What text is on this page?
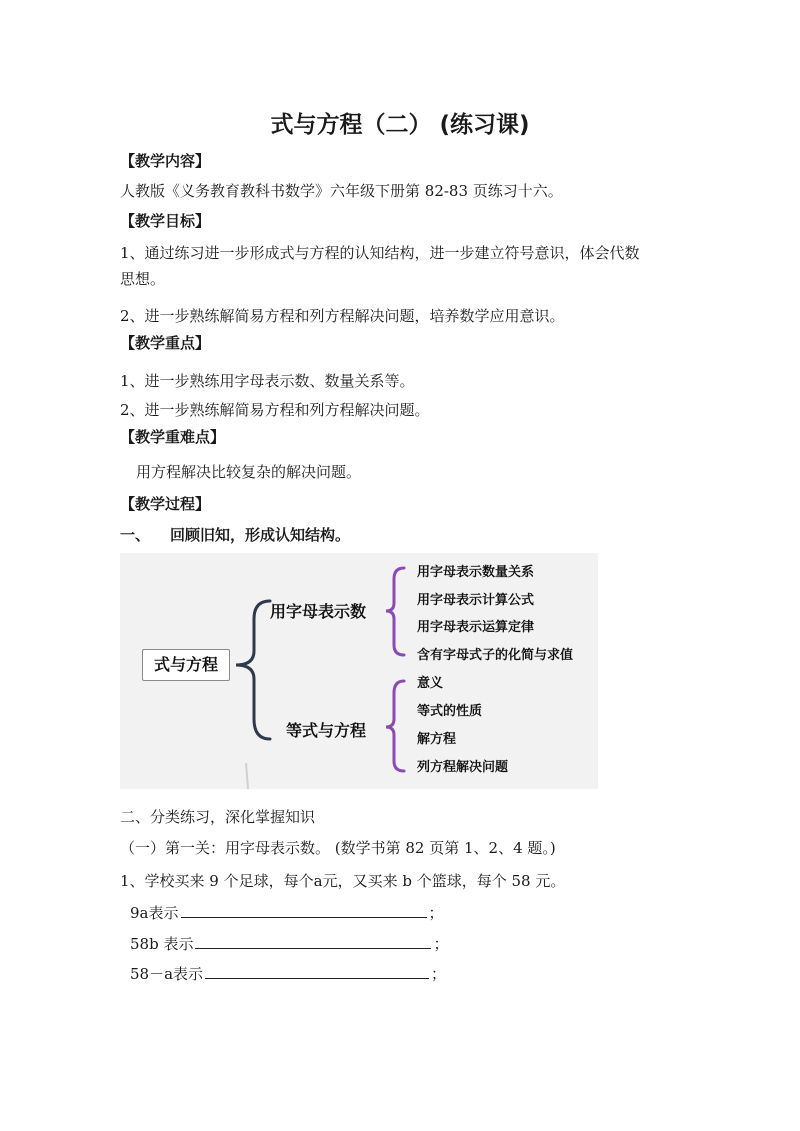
式与方程（二） (练习课)
【教学内容】
人教版《义务教育教科书数学》六年级下册第 82-83 页练习十六。
【教学目标】
1、通过练习进一步形成式与方程的认知结构，进一步建立符号意识，体会代数
思想。
2、进一步熟练解简易方程和列方程解决问题，培养数学应用意识。
【教学重点】
1、进一步熟练用字母表示数、数量关系等。
2、进一步熟练解简易方程和列方程解决问题。
【教学重难点】
用方程解决比较复杂的解决问题。
【教学过程】
一、 回顾旧知，形成认知结构。
式与方程
用字母表示数
等式与方程
用字母表示数量关系
用字母表示计算公式
用字母表示运算定律
含有字母式子的化简与求值
意义
等式的性质
解方程
列方程解决问题
二、分类练习，深化掌握知识
（一）第一关：用字母表示数。 (数学书第 82 页第 1、2、4 题。)
1、学校买来 9 个足球，每个a元，又买来 b 个篮球，每个 58 元。
9a表示	；
58b 表示	；
58－a表示	；
